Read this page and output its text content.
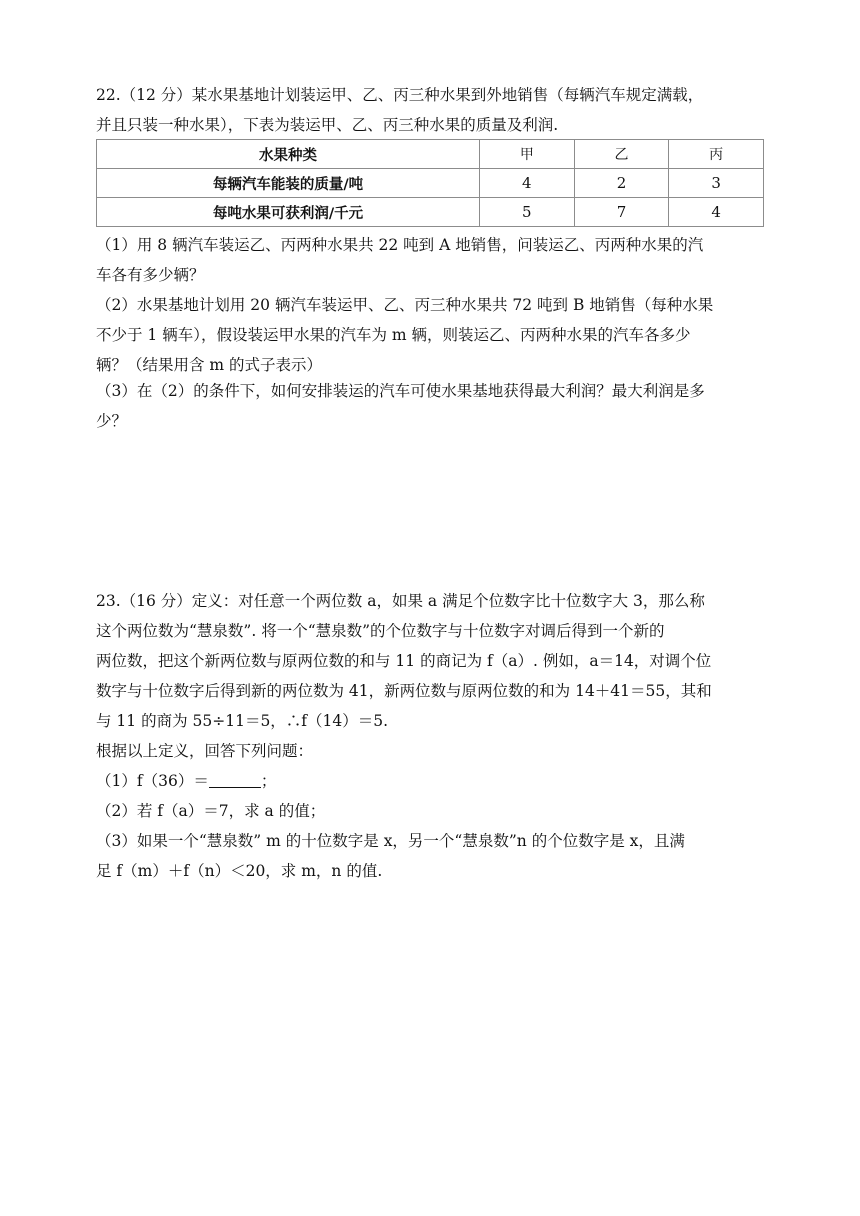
22.（12 分）某水果基地计划装运甲、乙、丙三种水果到外地销售（每辆汽车规定满载，
并且只装一种水果），下表为装运甲、乙、丙三种水果的质量及利润.

水果种类	甲	乙	丙
每辆汽车能装的质量/吨	4	2	3
每吨水果可获利润/千元	5	7	4

（1）用 8 辆汽车装运乙、丙两种水果共 22 吨到 A 地销售，问装运乙、丙两种水果的汽
车各有多少辆？

（2）水果基地计划用 20 辆汽车装运甲、乙、丙三种水果共 72 吨到 B 地销售（每种水果
不少于 1 辆车），假设装运甲水果的汽车为 m 辆，则装运乙、丙两种水果的汽车各多少
辆？（结果用含 m 的式子表示）

（3）在（2）的条件下，如何安排装运的汽车可使水果基地获得最大利润？最大利润是多
少？

23.（16 分）定义：对任意一个两位数 a，如果 a 满足个位数字比十位数字大 3，那么称
这个两位数为“慧泉数”. 将一个“慧泉数”的个位数字与十位数字对调后得到一个新的
两位数，把这个新两位数与原两位数的和与 11 的商记为 f（a）. 例如，a＝14，对调个位
数字与十位数字后得到新的两位数为 41，新两位数与原两位数的和为 14＋41＝55，其和
与 11 的商为 55÷11＝5，∴f（14）＝5.
根据以上定义，回答下列问题：
（1）f（36）＝	；
（2）若 f（a）＝7，求 a 的值；
（3）如果一个“慧泉数” m 的十位数字是 x，另一个“慧泉数”n 的个位数字是 x，且满
足 f（m）＋f（n）＜20，求 m，n 的值.
